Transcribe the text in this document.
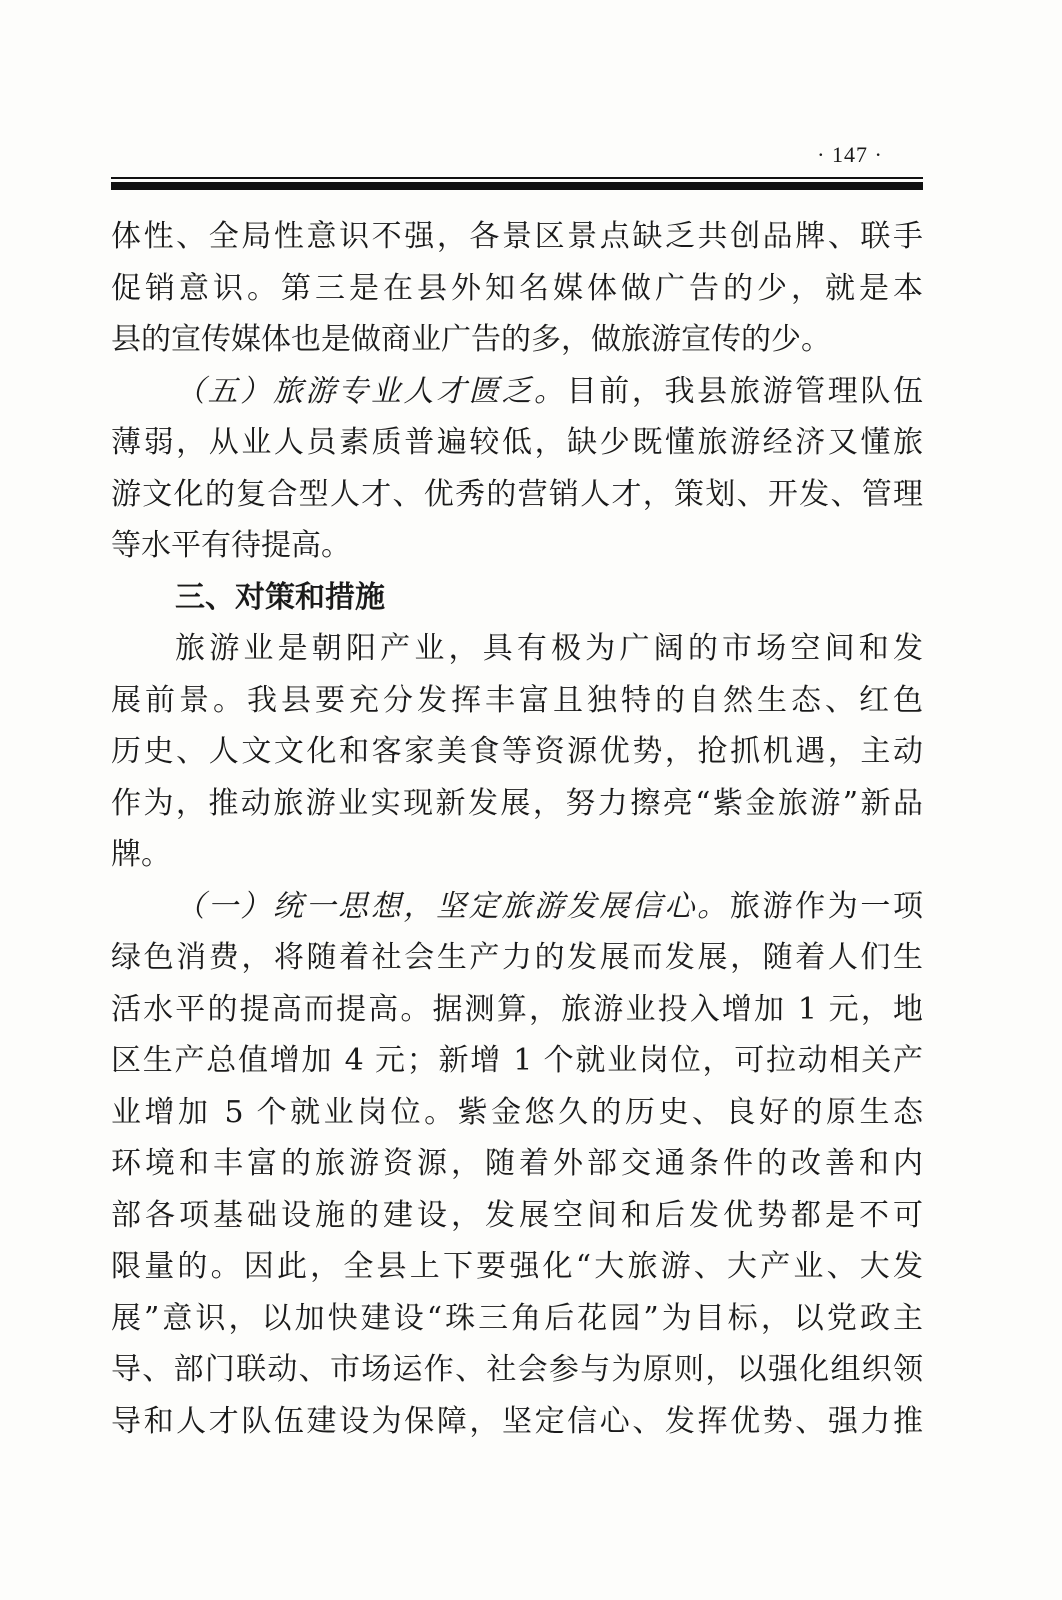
· 147 ·
体性、全局性意识不强，各景区景点缺乏共创品牌、联手
促销意识。第三是在县外知名媒体做广告的少，就是本
县的宣传媒体也是做商业广告的多，做旅游宣传的少。
（五）旅游专业人才匮乏。目前，我县旅游管理队伍
薄弱，从业人员素质普遍较低，缺少既懂旅游经济又懂旅
游文化的复合型人才、优秀的营销人才，策划、开发、管理
等水平有待提高。
三、对策和措施
旅游业是朝阳产业，具有极为广阔的市场空间和发
展前景。我县要充分发挥丰富且独特的自然生态、红色
历史、人文文化和客家美食等资源优势，抢抓机遇，主动
作为，推动旅游业实现新发展，努力擦亮“紫金旅游”新品
牌。
（一）统一思想，坚定旅游发展信心。旅游作为一项
绿色消费，将随着社会生产力的发展而发展，随着人们生
活水平的提高而提高。据测算，旅游业投入增加 1 元，地
区生产总值增加 4 元；新增 1 个就业岗位，可拉动相关产
业增加 5 个就业岗位。紫金悠久的历史、良好的原生态
环境和丰富的旅游资源，随着外部交通条件的改善和内
部各项基础设施的建设，发展空间和后发优势都是不可
限量的。因此，全县上下要强化“大旅游、大产业、大发
展”意识，以加快建设“珠三角后花园”为目标，以党政主
导、部门联动、市场运作、社会参与为原则，以强化组织领
导和人才队伍建设为保障，坚定信心、发挥优势、强力推
